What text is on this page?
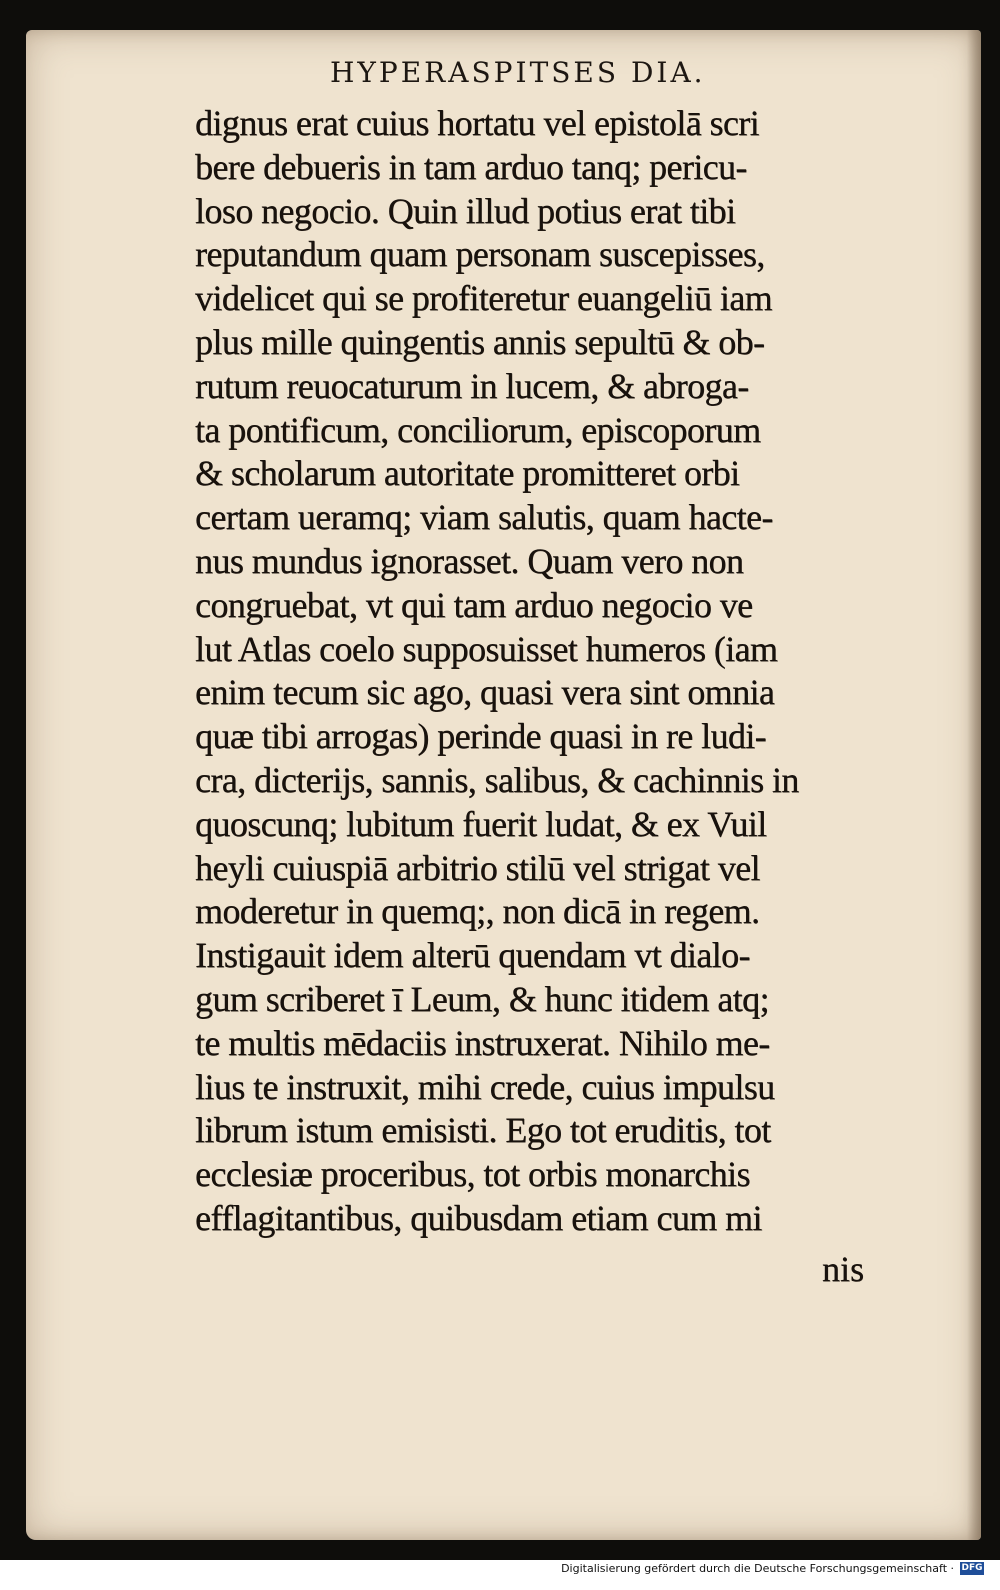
HYPERASPITSES DIA.
dignus erat cuius hortatu vel epistolā scri
bere debueris in tam arduo tanq; pericu-
loso negocio. Quin illud potius erat tibi
reputandum quam personam suscepisses,
videlicet qui se profiteretur euangeliū iam
plus mille quingentis annis sepultū & ob-
rutum reuocaturum in lucem, & abroga-
ta pontificum, conciliorum, episcoporum
& scholarum autoritate promitteret orbi
certam ueramq; viam salutis, quam hacte-
nus mundus ignorasset. Quam vero non
congruebat, vt qui tam arduo negocio ve
lut Atlas coelo supposuisset humeros (iam
enim tecum sic ago, quasi vera sint omnia
quæ tibi arrogas) perinde quasi in re ludi-
cra, dicterijs, sannis, salibus, & cachinnis in
quoscunq; lubitum fuerit ludat, & ex Vuil
heyli cuiuspiā arbitrio stilū vel strigat vel
moderetur in quemq;, non dicā in regem.
Instigauit idem alterū quendam vt dialo-
gum scriberet ī Leum, & hunc itidem atq;
te multis mēdaciis instruxerat. Nihilo me-
lius te instruxit, mihi crede, cuius impulsu
librum istum emisisti. Ego tot eruditis, tot
ecclesiæ proceribus, tot orbis monarchis
efflagitantibus, quibusdam etiam cum mi
nis
Digitalisierung gefördert durch die Deutsche Forschungsgemeinschaft · DFG
